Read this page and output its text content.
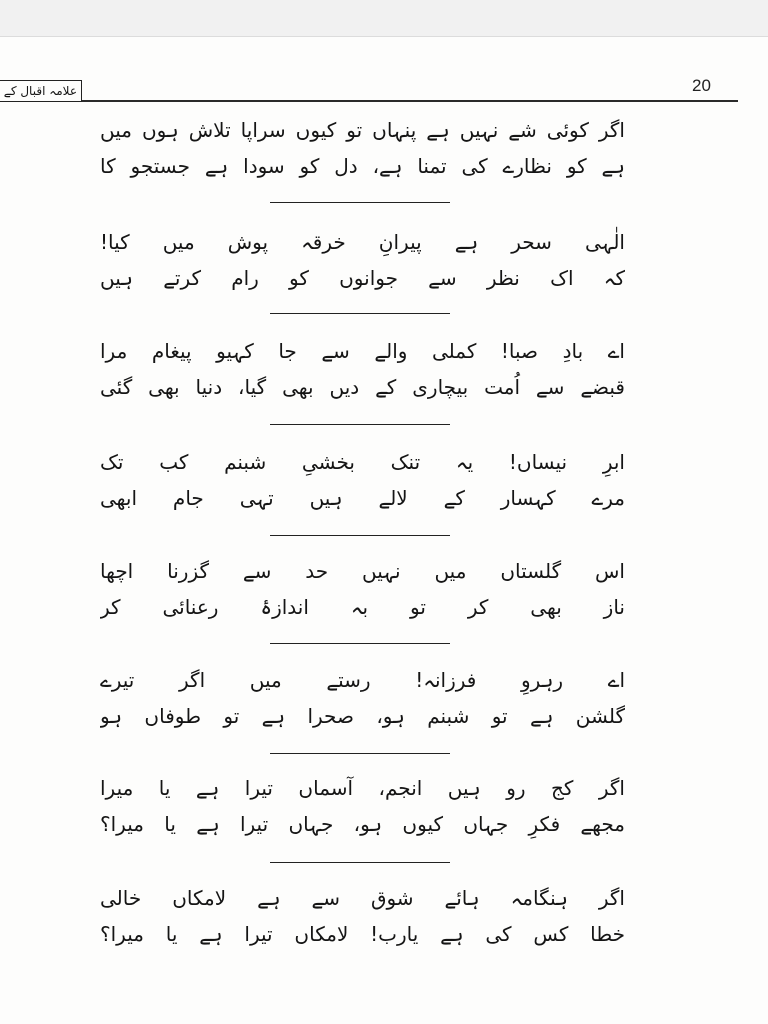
علامہ اقبال کے	20
اگر کوئی شے نہیں ہے پنہاں تو کیوں سراپا تلاش ہوں میں
ہے کو نظارے کی تمنا ہے، دل کو سودا ہے جستجو کا
الٰہی سحر ہے پیرانِ خرقہ پوش میں کیا!
کہ اک نظر سے جوانوں کو رام کرتے ہیں
اے بادِ صبا! کملی والے سے جا کہیو پیغام مرا
قبضے سے اُمت بیچاری کے دیں بھی گیا، دنیا بھی گئی
ابرِ نیساں! یہ تنک بخشیِ شبنم کب تک
مرے کہسار کے لالے ہیں تہی جام ابھی
اس گلستاں میں نہیں حد سے گزرنا اچھا
ناز بھی کر تو بہ اندازۂ رعنائی کر
اے رہروِ فرزانہ! رستے میں اگر تیرے
گلشن ہے تو شبنم ہو، صحرا ہے تو طوفاں ہو
اگر کج رو ہیں انجم، آسماں تیرا ہے یا میرا
مجھے فکرِ جہاں کیوں ہو، جہاں تیرا ہے یا میرا؟
اگر ہنگامہ ہائے شوق سے ہے لامکاں خالی
خطا کس کی ہے یارب! لامکاں تیرا ہے یا میرا؟
